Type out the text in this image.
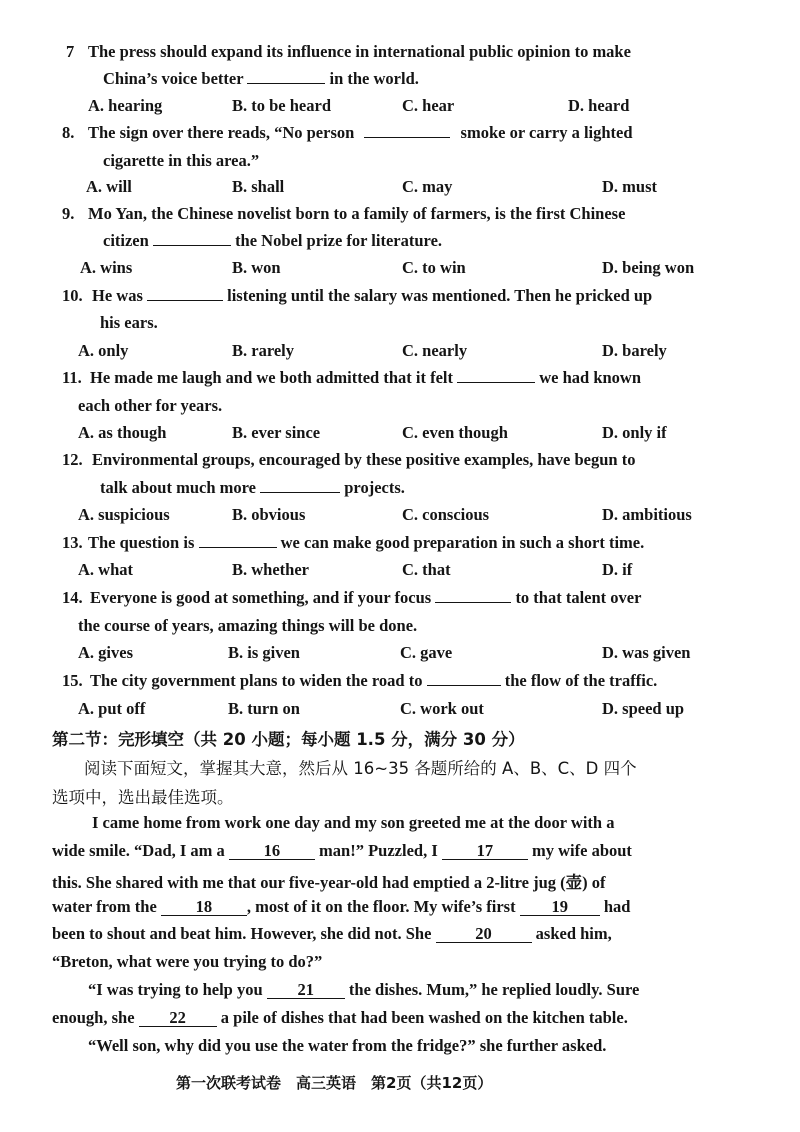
7 The press should expand its influence in international public opinion to make
China’s voice better	in the world.
A. hearing	B. to be heard	C. hear	D. heard
8. The sign over there reads, “No person	smoke or carry a lighted
cigarette in this area.”
A. will	B. shall	C. may	D. must
9. Mo Yan, the Chinese novelist born to a family of farmers, is the first Chinese
citizen	the Nobel prize for literature.
A. wins	B. won	C. to win	D. being won
10. He was	listening until the salary was mentioned. Then he pricked up
his ears.
A. only	B. rarely	C. nearly	D. barely
11. He made me laugh and we both admitted that it felt	we had known
each other for years.
A. as though	B. ever since	C. even though	D. only if
12. Environmental groups, encouraged by these positive examples, have begun to
talk about much more	projects.
A. suspicious	B. obvious	C. conscious	D. ambitious
13. The question is	we can make good preparation in such a short time.
A. what	B. whether	C. that	D. if
14. Everyone is good at something, and if your focus	to that talent over
the course of years, amazing things will be done.
A. gives	B. is given	C. gave	D. was given
15. The city government plans to widen the road to	the flow of the traffic.
A. put off	B. turn on	C. work out	D. speed up
第二节：完形填空（共 20 小题；每小题 1.5 分，满分 30 分）
阅读下面短文，掌握其大意，然后从 16~35 各题所给的 A、B、C、D 四个
选项中，选出最佳选项。
I came home from work one day and my son greeted me at the door with a
wide smile. “Dad, I am a 16 man!” Puzzled, I 17 my wife about
this. She shared with me that our five-year-old had emptied a 2-litre jug (壶) of
water from the 18 , most of it on the floor. My wife’s first 19 had
been to shout and beat him. However, she did not. She	20	asked him,
“Breton, what were you trying to do?”
“I was trying to help you 21 the dishes. Mum,” he replied loudly. Sure
enough, she 22 a pile of dishes that had been washed on the kitchen table.
“Well son, why did you use the water from the fridge?” she further asked.
第一次联考试卷　高三英语　第2页（共12页）
